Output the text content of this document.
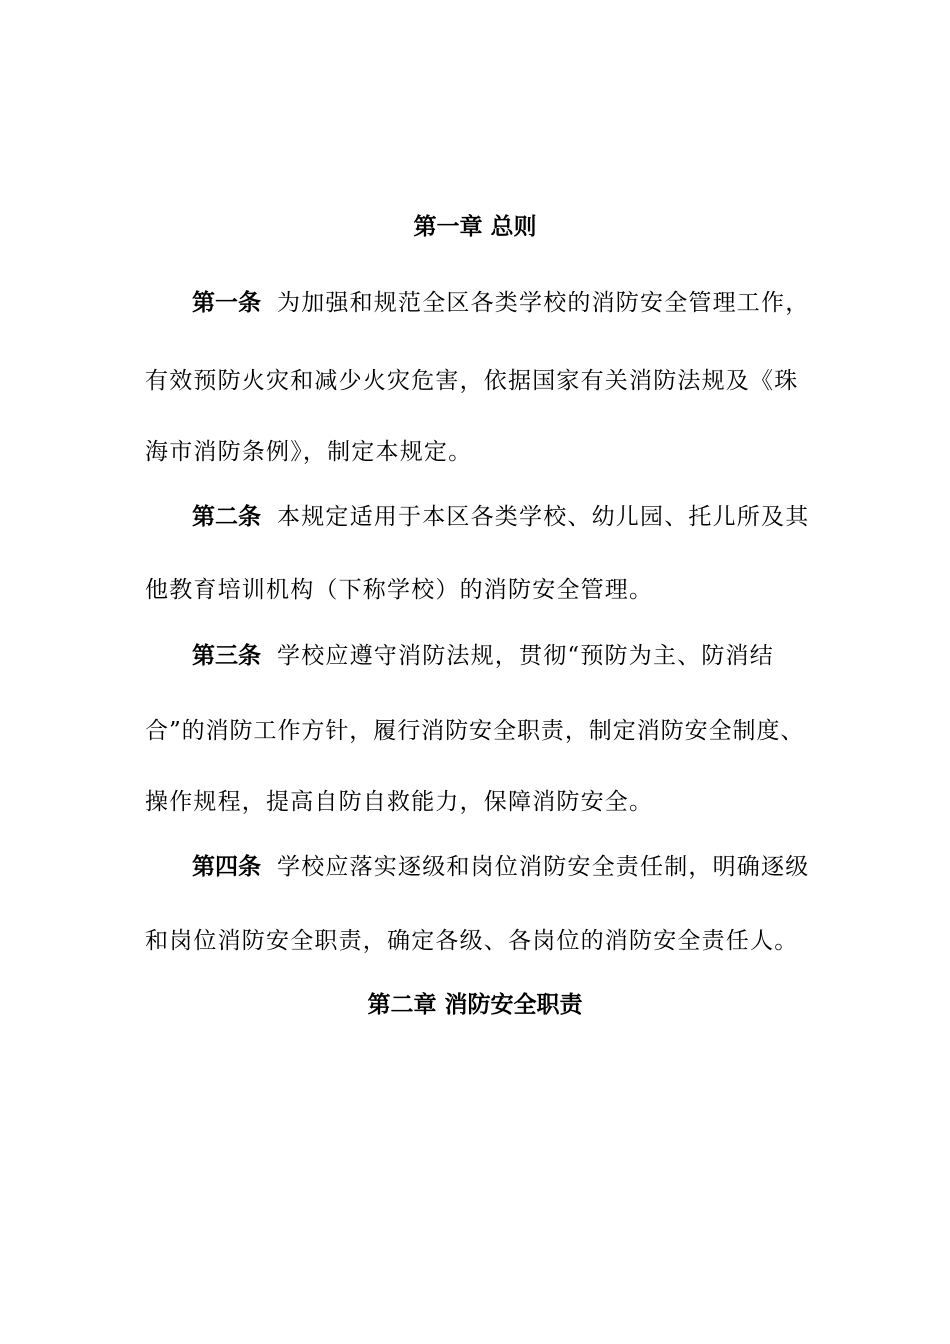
第一章 总则
第一条 为加强和规范全区各类学校的消防安全管理工作，
有效预防火灾和减少火灾危害，依据国家有关消防法规及《珠
海市消防条例》，制定本规定。
第二条 本规定适用于本区各类学校、幼儿园、托儿所及其
他教育培训机构（下称学校）的消防安全管理。
第三条 学校应遵守消防法规，贯彻“预防为主、防消结
合”的消防工作方针，履行消防安全职责，制定消防安全制度、
操作规程，提高自防自救能力，保障消防安全。
第四条 学校应落实逐级和岗位消防安全责任制，明确逐级
和岗位消防安全职责，确定各级、各岗位的消防安全责任人。
第二章 消防安全职责
